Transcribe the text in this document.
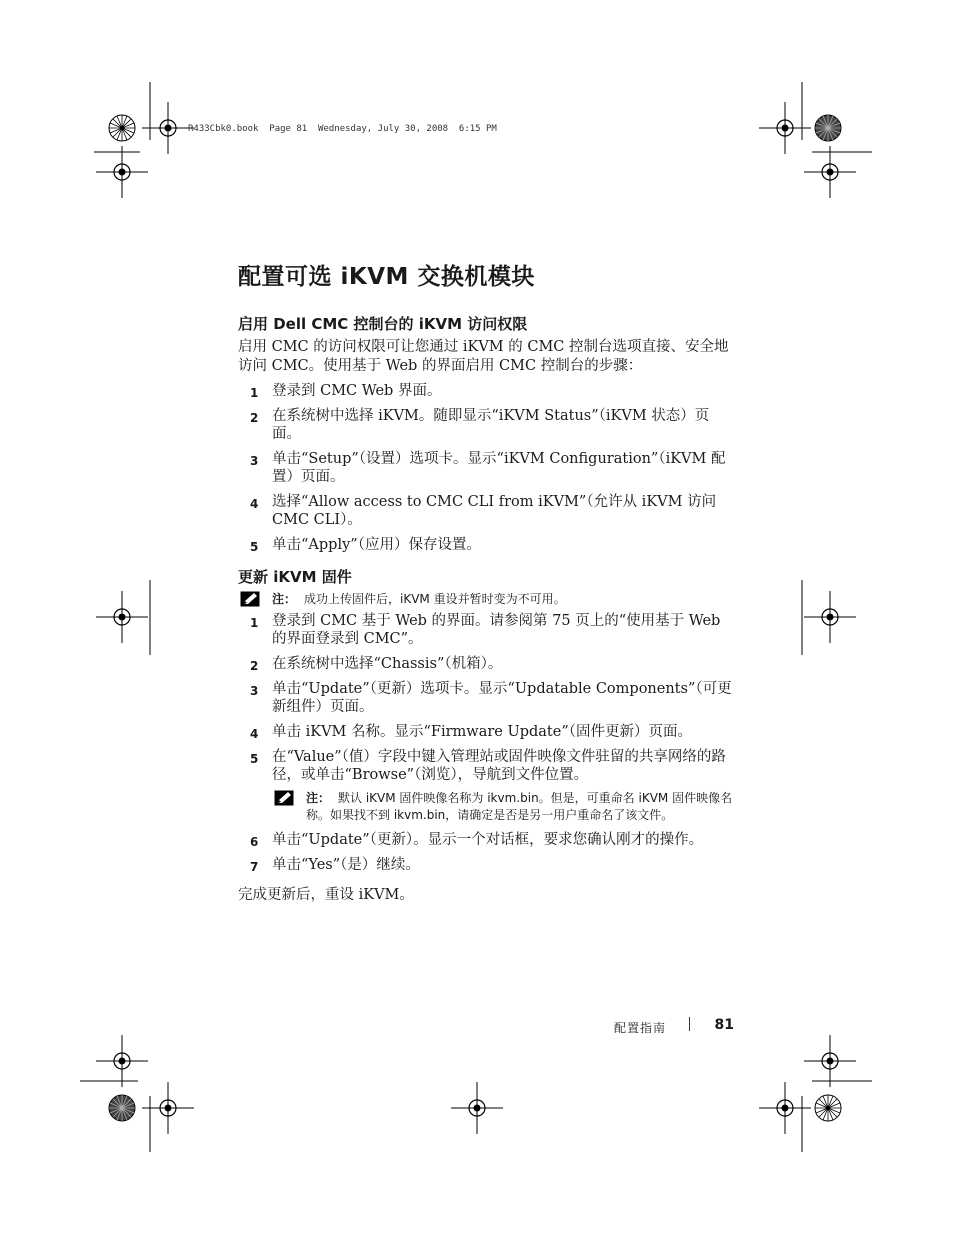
R433Cbk0.book  Page 81  Wednesday, July 30, 2008  6:15 PM
配置可选 iKVM 交换机模块
启用 Dell CMC 控制台的 iKVM 访问权限

启用 CMC 的访问权限可让您通过 iKVM 的 CMC 控制台选项直接、安全地访问 CMC。使用基于 Web 的界面启用 CMC 控制台的步骤：

1 登录到 CMC Web 界面。
2 在系统树中选择 iKVM。随即显示“iKVM Status”（iKVM 状态）页面。
3 单击“Setup”（设置）选项卡。显示“iKVM Configuration”（iKVM 配置）页面。
4 选择“Allow access to CMC CLI from iKVM”（允许从 iKVM 访问 CMC CLI）。
5 单击“Apply”（应用）保存设置。
更新 iKVM 固件
注： 成功上传固件后，iKVM 重设并暂时变为不可用。
1 登录到 CMC 基于 Web 的界面。请参阅第 75 页上的“使用基于 Web 的界面登录到 CMC”。
2 在系统树中选择“Chassis”（机箱）。
3 单击“Update”（更新）选项卡。显示“Updatable Components”（可更新组件）页面。
4 单击 iKVM 名称。显示“Firmware Update”（固件更新）页面。
5 在“Value”（值）字段中键入管理站或固件映像文件驻留的共享网络的路径，或单击“Browse”（浏览），导航到文件位置。
注： 默认 iKVM 固件映像名称为 ikvm.bin。但是，可重命名 iKVM 固件映像名称。如果找不到 ikvm.bin，请确定是否是另一用户重命名了该文件。
6 单击“Update”（更新）。显示一个对话框，要求您确认刚才的操作。
7 单击“Yes”（是）继续。

完成更新后，重设 iKVM。

配置指南	81
